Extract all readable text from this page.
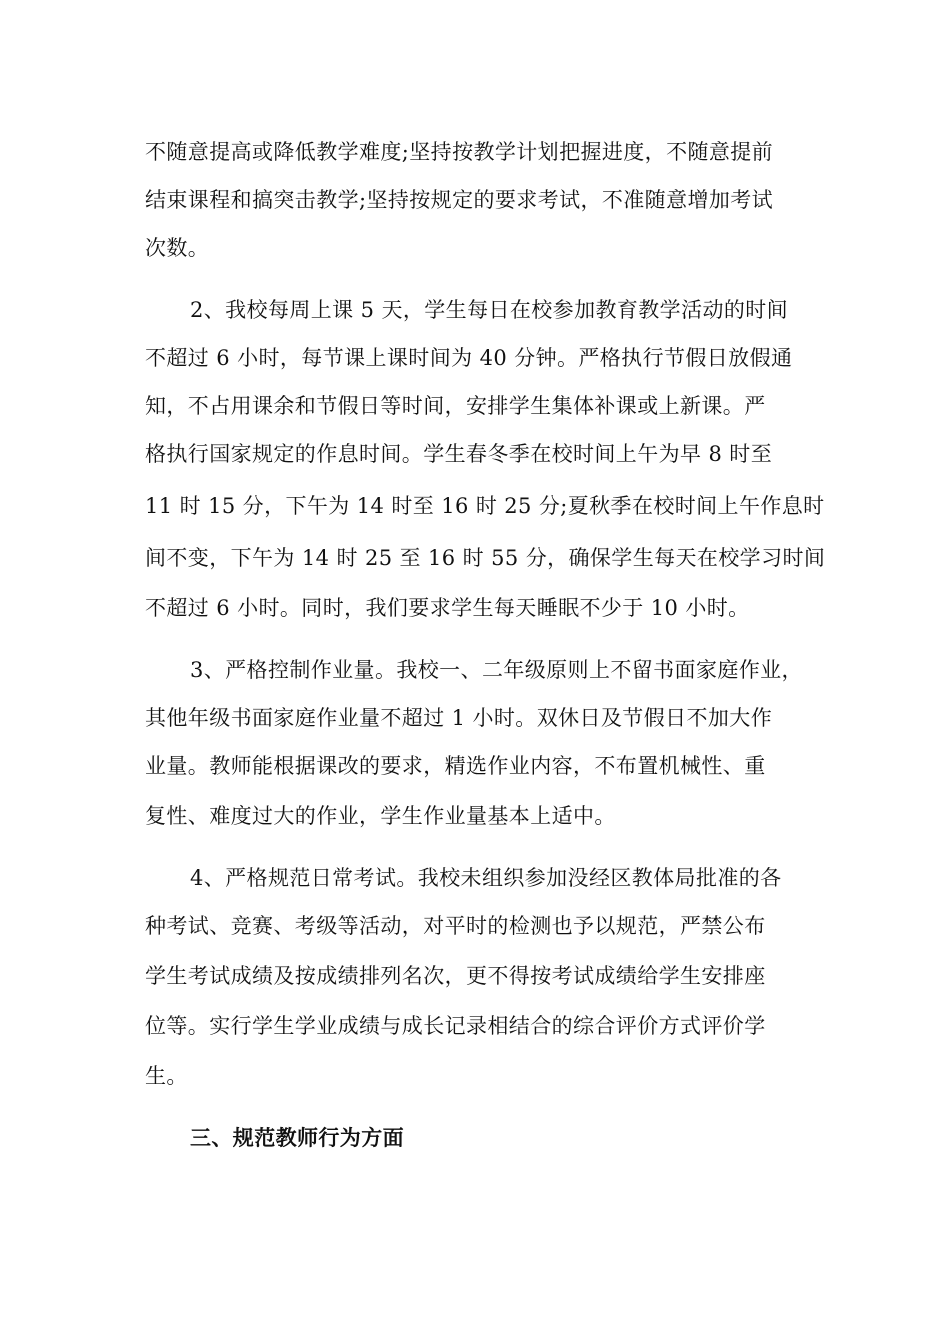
不随意提高或降低教学难度;坚持按教学计划把握进度，不随意提前
结束课程和搞突击教学;坚持按规定的要求考试，不准随意增加考试
次数。
2、我校每周上课 5 天，学生每日在校参加教育教学活动的时间
不超过 6 小时，每节课上课时间为 40 分钟。严格执行节假日放假通
知，不占用课余和节假日等时间，安排学生集体补课或上新课。严
格执行国家规定的作息时间。学生春冬季在校时间上午为早 8 时至
11 时 15 分，下午为 14 时至 16 时 25 分;夏秋季在校时间上午作息时
间不变，下午为 14 时 25 至 16 时 55 分，确保学生每天在校学习时间
不超过 6 小时。同时，我们要求学生每天睡眠不少于 10 小时。
3、严格控制作业量。我校一、二年级原则上不留书面家庭作业，
其他年级书面家庭作业量不超过 1 小时。双休日及节假日不加大作
业量。教师能根据课改的要求，精选作业内容，不布置机械性、重
复性、难度过大的作业，学生作业量基本上适中。
4、严格规范日常考试。我校未组织参加没经区教体局批准的各
种考试、竞赛、考级等活动，对平时的检测也予以规范，严禁公布
学生考试成绩及按成绩排列名次，更不得按考试成绩给学生安排座
位等。实行学生学业成绩与成长记录相结合的综合评价方式评价学
生。
三、规范教师行为方面
